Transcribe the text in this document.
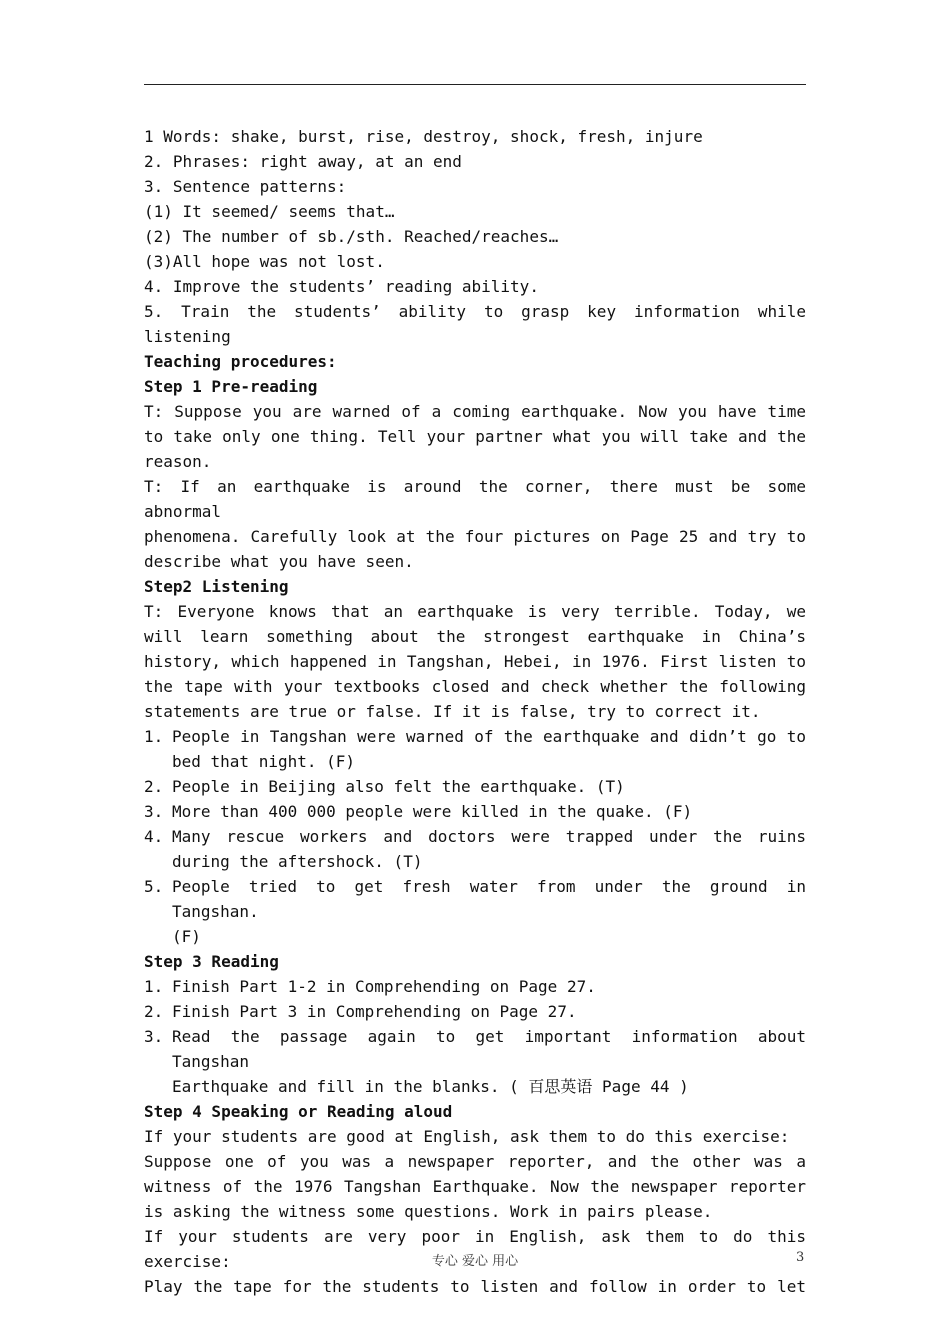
1 Words: shake, burst, rise, destroy, shock, fresh, injure
2. Phrases: right away, at an end
3. Sentence patterns:
(1) It seemed/ seems that…
(2) The number of sb./sth. Reached/reaches…
(3)All hope was not lost.
4. Improve the students’ reading ability.
5. Train the students’ ability to grasp key information while
listening
Teaching procedures:
Step 1 Pre-reading
T: Suppose you are warned of a coming earthquake. Now you have time
to take only one thing. Tell your partner what you will take and the
reason.
T: If an earthquake is around the corner, there must be some abnormal
phenomena. Carefully look at the four pictures on Page 25 and try to
describe what you have seen.
Step2 Listening
T: Everyone knows that an earthquake is very terrible. Today, we
will learn something about the strongest earthquake in China’s
history, which happened in Tangshan, Hebei, in 1976. First listen to
the tape with your textbooks closed and check whether the following
statements are true or false. If it is false, try to correct it.
1. People in Tangshan were warned of the earthquake and didn’t go to
bed that night. (F)
2. People in Beijing also felt the earthquake. (T)
3. More than 400 000 people were killed in the quake. (F)
4. Many rescue workers and doctors were trapped under the ruins
during the aftershock. (T)
5. People tried to get fresh water from under the ground in Tangshan.
(F)
Step 3 Reading
1. Finish Part 1-2 in Comprehending on Page 27.
2. Finish Part 3 in Comprehending on Page 27.
3. Read the passage again to get important information about Tangshan
Earthquake and fill in the blanks. ( 百思英语 Page 44 )
Step 4 Speaking or Reading aloud
If your students are good at English, ask them to do this exercise:
Suppose one of you was a newspaper reporter, and the other was a
witness of the 1976 Tangshan Earthquake. Now the newspaper reporter
is asking the witness some questions. Work in pairs please.
If your students are very poor in English, ask them to do this
exercise:
Play the tape for the students to listen and follow in order to let
专心 爱心 用心	3
